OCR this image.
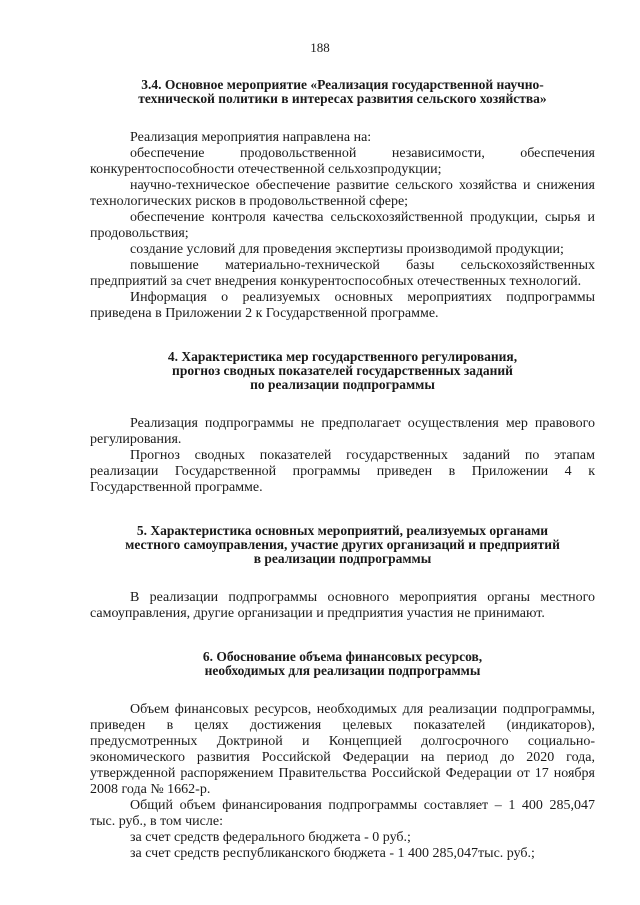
188
3.4. Основное мероприятие «Реализация государственной научно-
технической политики в интересах развития сельского хозяйства»

Реализация мероприятия направлена на:

обеспечение продовольственной независимости, обеспечения конкурентоспособности отечественной сельхозпродукции;

научно-техническое обеспечение развитие сельского хозяйства и снижения технологических рисков в продовольственной сфере;

обеспечение контроля качества сельскохозяйственной продукции, сырья и продовольствия;

создание условий для проведения экспертизы производимой продукции;

повышение материально-технической базы сельскохозяйственных предприятий за счет внедрения конкурентоспособных отечественных технологий.

Информация о реализуемых основных мероприятиях подпрограммы приведена в Приложении 2 к Государственной программе.

4. Характеристика мер государственного регулирования,
прогноз сводных показателей государственных заданий
по реализации подпрограммы

Реализация подпрограммы не предполагает осуществления мер правового регулирования.

Прогноз сводных показателей государственных заданий по этапам реализации Государственной программы приведен в Приложении 4 к Государственной программе.

5. Характеристика основных мероприятий, реализуемых органами
местного самоуправления, участие других организаций и предприятий
в реализации подпрограммы

В реализации подпрограммы основного мероприятия органы местного самоуправления, другие организации и предприятия участия не принимают.

6. Обоснование объема финансовых ресурсов,
необходимых для реализации подпрограммы

Объем финансовых ресурсов, необходимых для реализации подпрограммы, приведен в целях достижения целевых показателей (индикаторов), предусмотренных Доктриной и Концепцией долгосрочного социально-экономического развития Российской Федерации на период до 2020 года, утвержденной распоряжением Правительства Российской Федерации от 17 ноября 2008 года № 1662-р.

Общий объем финансирования подпрограммы составляет – 1 400 285,047 тыс. руб., в том числе:

за счет средств федерального бюджета - 0 руб.;

за счет средств республиканского бюджета - 1 400 285,047тыс. руб.;
